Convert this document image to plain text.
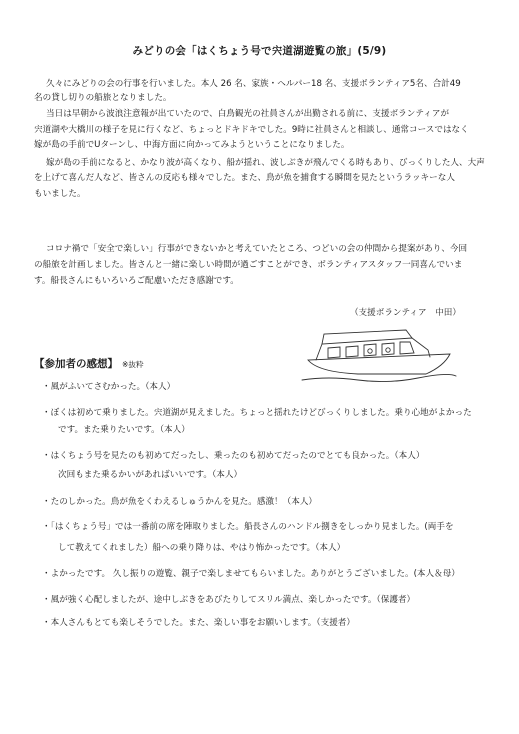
みどりの会「はくちょう号で宍道湖遊覧の旅」(5/9)
久々にみどりの会の行事を行いました。本人 26 名、家族・ヘルパー18 名、支援ボランティア5名、合計49
名の貸し切りの船旅となりました。
当日は早朝から波浪注意報が出ていたので、白鳥観光の社員さんが出勤される前に、支援ボランティアが
宍道湖や大橋川の様子を見に行くなど、ちょっとドキドキでした。9時に社員さんと相談し、通常コースではなく
嫁が島の手前でUターンし、中海方面に向かってみようということになりました。
嫁が島の手前になると、かなり波が高くなり、船が揺れ、波しぶきが飛んでくる時もあり、びっくりした人、大声
を上げて喜んだ人など、皆さんの反応も様々でした。また、鳥が魚を捕食する瞬間を見たというラッキーな人
もいました。
コロナ禍で「安全で楽しい」行事ができないかと考えていたところ、つどいの会の仲間から提案があり、今回
の船旅を計画しました。皆さんと一緒に楽しい時間が過ごすことができ、ボランティアスタッフ一同喜んでいま
す。船長さんにもいろいろご配慮いただき感謝です。
（支援ボランティア　中田）
【参加者の感想】 ※抜粋
・風がふいてさむかった。（本人）
・ぼくは初めて乗りました。宍道湖が見えました。ちょっと揺れたけどびっくりしました。乗り心地がよかった
です。また乗りたいです。（本人）
・はくちょう号を見たのも初めてだったし、乗ったのも初めてだったのでとても良かった。（本人）
次回もまた乗るかいがあればいいです。（本人）
・たのしかった。鳥が魚をくわえるしゅうかんを見た。感激！（本人）
・「はくちょう号」では一番前の席を陣取りました。船長さんのハンドル捌きをしっかり見ました。(両手を
して教えてくれました）船への乗り降りは、やはり怖かったです。（本人）
・よかったです。 久し振りの遊覧、親子で楽しませてもらいました。ありがとうございました。(本人＆母）
・風が強く心配しましたが、途中しぶきをあびたりしてスリル満点、楽しかったです。（保護者）
・本人さんもとても楽しそうでした。また、楽しい事をお願いします。（支援者）
